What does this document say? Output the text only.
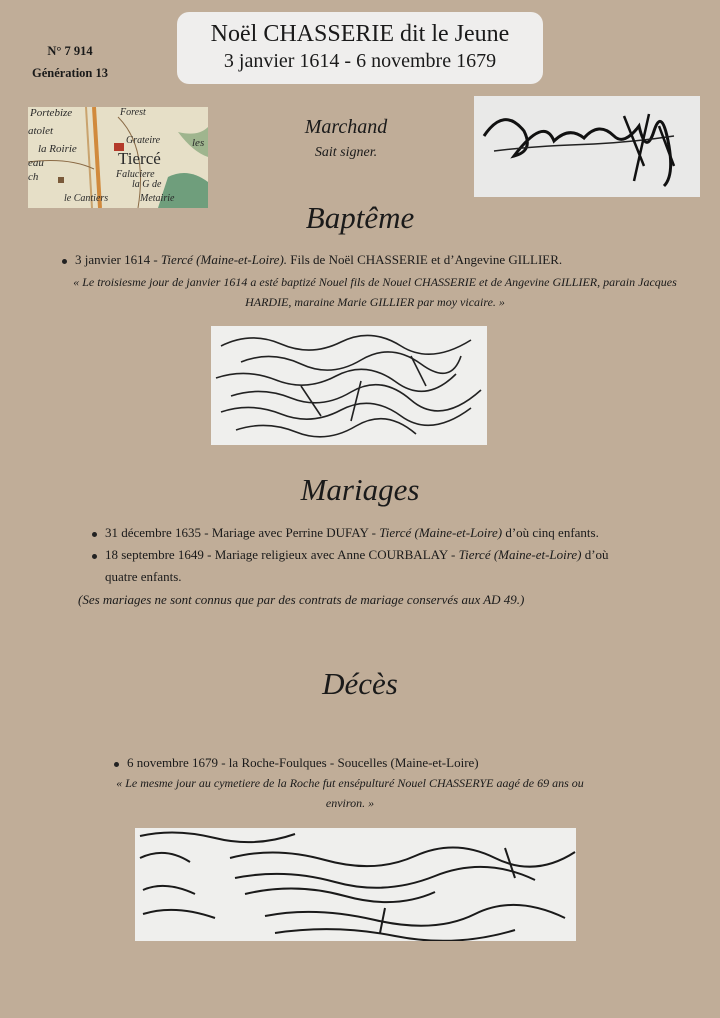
N° 7 914
Génération 13
Noël CHASSERIE dit le Jeune
3 janvier 1614 - 6 novembre 1679
Portebize	Forest
atolet
Grateire	les
la Roirie Tiercé
eau
Faluciere
ch
la G de
le Cantiers	Metairie
Marchand
Sait signer.
Baptême
3 janvier 1614 - Tiercé (Maine-et-Loire). Fils de Noël CHASSERIE et d’Angevine GILLIER.
« Le troisiesme jour de janvier 1614 a esté baptizé Nouel fils de Nouel CHASSERIE et de Angevine GILLIER, parain Jacques
HARDIE, maraine Marie GILLIER par moy vicaire. »
Mariages
31 décembre 1635 - Mariage avec Perrine DUFAY - Tiercé (Maine-et-Loire) d’où cinq enfants.
18 septembre 1649 - Mariage religieux avec Anne COURBALAY - Tiercé (Maine-et-Loire) d’où
quatre enfants.
(Ses mariages ne sont connus que par des contrats de mariage conservés aux AD 49.)
Décès
6 novembre 1679 - la Roche-Foulques - Soucelles (Maine-et-Loire)
« Le mesme jour au cymetiere de la Roche fut ensépulturé Nouel CHASSERYE aagé de 69 ans ou
environ. »
